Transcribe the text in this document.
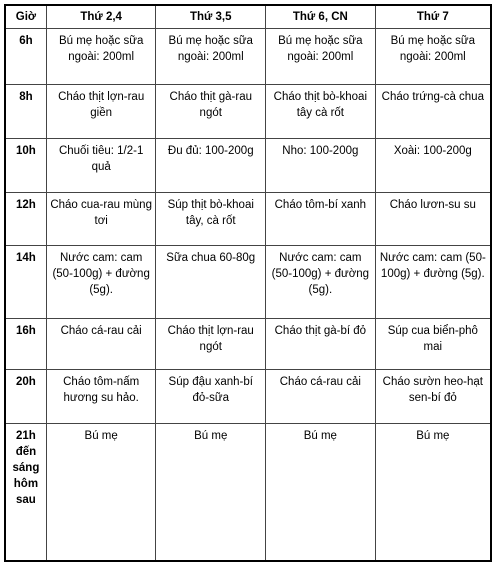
Giờ	Thứ 2,4	Thứ 3,5	Thứ 6, CN	Thứ 7
6h	Bú mẹ hoặc sữa ngoài: 200ml	Bú mẹ hoặc sữa ngoài: 200ml	Bú mẹ hoặc sữa ngoài: 200ml	Bú mẹ hoặc sữa ngoài: 200ml
8h	Cháo thịt lợn-rau giền	Cháo thịt gà-rau ngót	Cháo thịt bò-khoai tây cà rốt	Cháo trứng-cà chua
10h	Chuối tiêu: 1/2-1 quả	Đu đủ: 100-200g	Nho: 100-200g	Xoài: 100-200g
12h	Cháo cua-rau mùng tơi	Súp thịt bò-khoai tây, cà rốt	Cháo tôm-bí xanh	Cháo lươn-su su
14h	Nước cam: cam (50-100g) + đường (5g).	Sữa chua 60-80g	Nước cam: cam (50-100g) + đường (5g).	Nước cam: cam (50-100g) + đường (5g).
16h	Cháo cá-rau cải	Cháo thịt lợn-rau ngót	Cháo thịt gà-bí đỏ	Súp cua biển-phô mai
20h	Cháo tôm-nấm hương su hảo.	Súp đậu xanh-bí đỏ-sữa	Cháo cá-rau cải	Cháo sườn heo-hạt sen-bí đỏ
21h đến sáng hôm sau	Bú mẹ	Bú mẹ	Bú mẹ	Bú mẹ
